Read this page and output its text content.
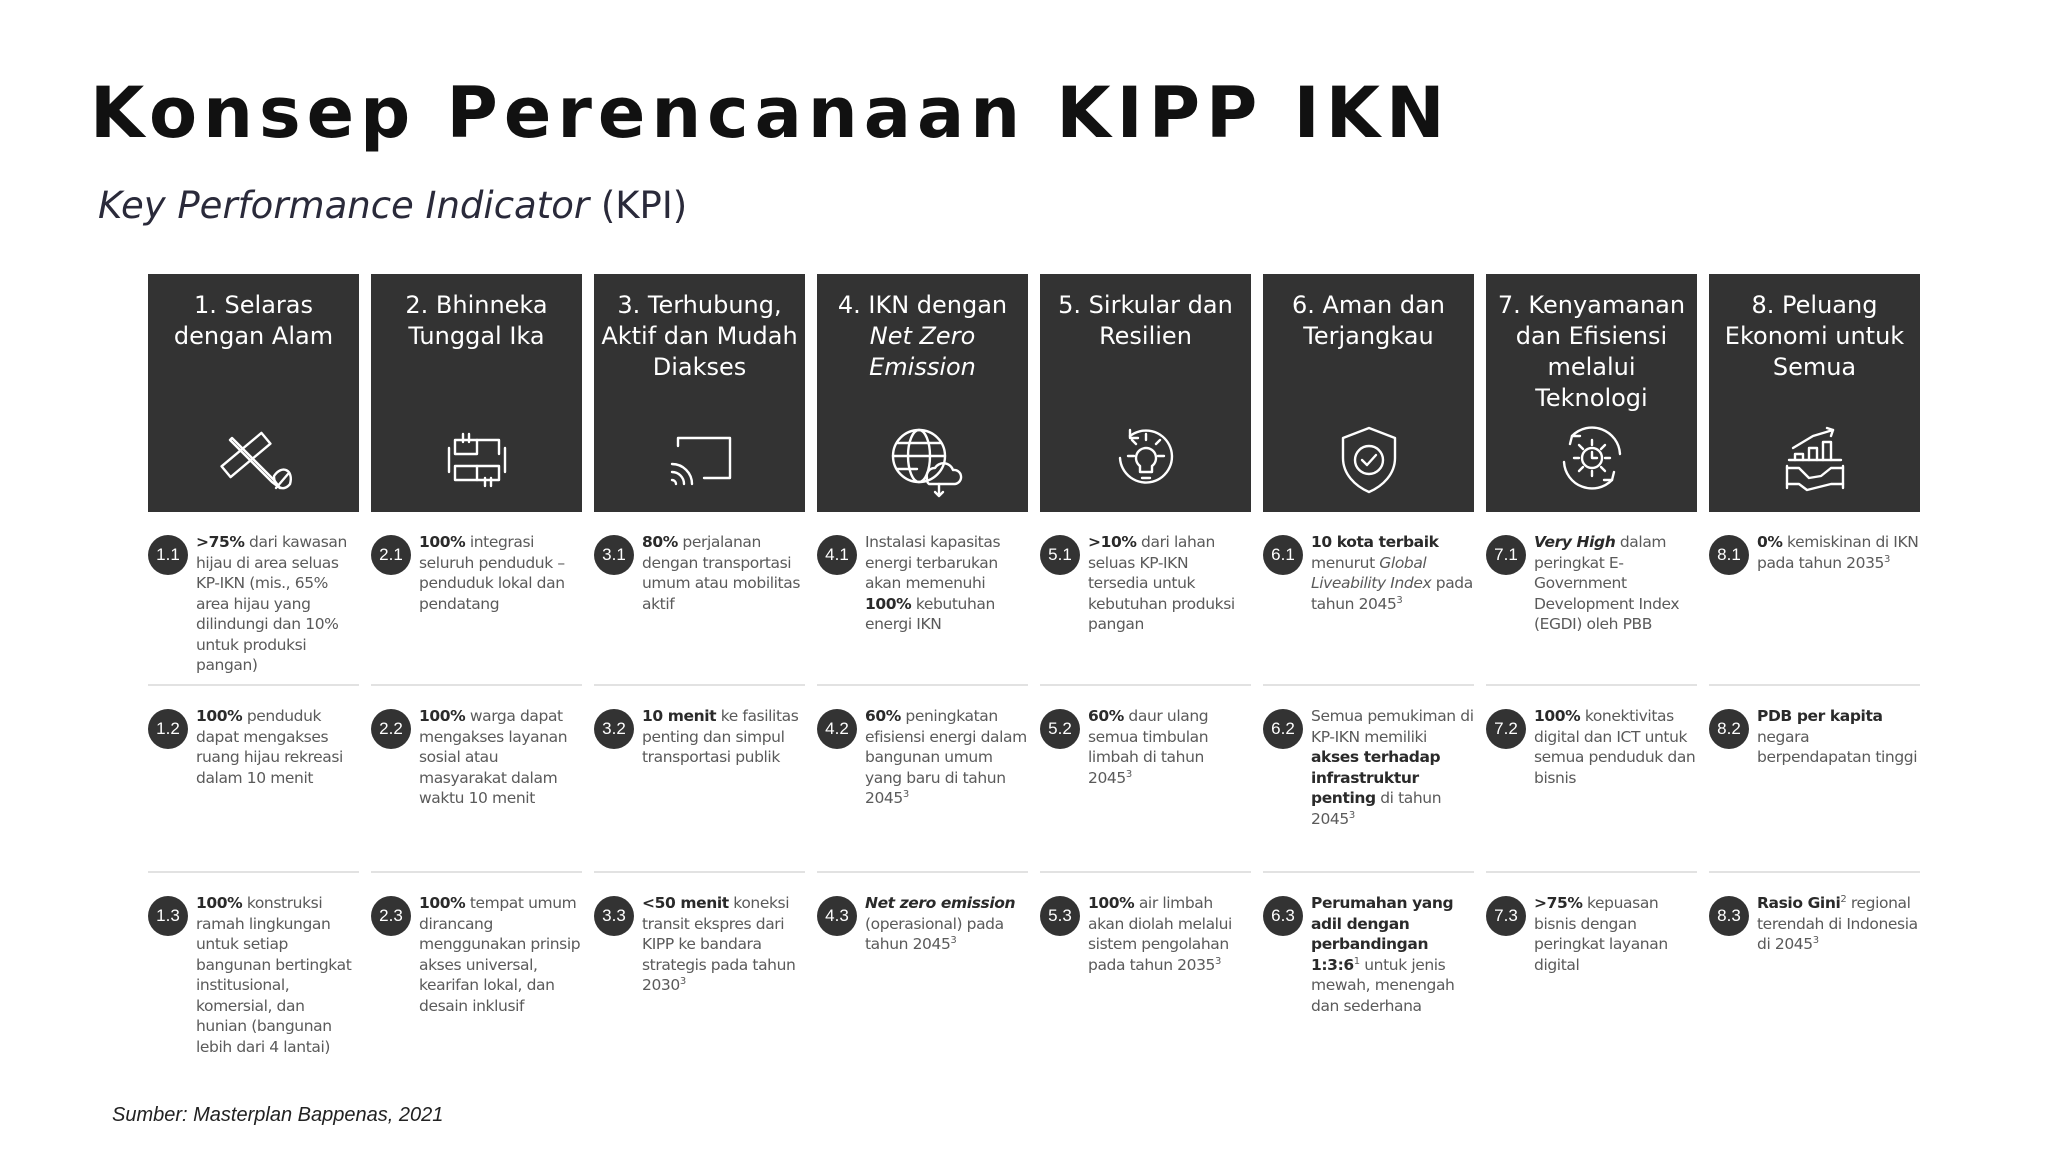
Konsep Perencanaan KIPP IKN

Key Performance Indicator (KPI)

1. Selaras dengan Alam
1.1
>75% dari kawasan hijau di area seluas KP-IKN (mis., 65% area hijau yang dilindungi dan 10% untuk produksi pangan)
1.2
100% penduduk dapat mengakses ruang hijau rekreasi dalam 10 menit
1.3
100% konstruksi ramah lingkungan untuk setiap bangunan bertingkat institusional, komersial, dan hunian (bangunan lebih dari 4 lantai)
2. Bhinneka Tunggal Ika
2.1
100% integrasi seluruh penduduk – penduduk lokal dan pendatang
2.2
100% warga dapat mengakses layanan sosial atau masyarakat dalam waktu 10 menit
2.3
100% tempat umum dirancang menggunakan prinsip akses universal, kearifan lokal, dan desain inklusif
3. Terhubung, Aktif dan Mudah Diakses
3.1
80% perjalanan dengan transportasi umum atau mobilitas aktif
3.2
10 menit ke fasilitas penting dan simpul transportasi publik
3.3
<50 menit koneksi transit ekspres dari KIPP ke bandara strategis pada tahun 2030$^3$
4. IKN dengan Net Zero Emission
4.1
Instalasi kapasitas energi terbarukan akan memenuhi 100% kebutuhan energi IKN
4.2
60% peningkatan efisiensi energi dalam bangunan umum yang baru di tahun 2045$^3$
4.3
Net zero emission (operasional) pada tahun 2045$^3$
5. Sirkular dan Resilien
5.1
>10% dari lahan seluas KP-IKN tersedia untuk kebutuhan produksi pangan
5.2
60% daur ulang semua timbulan limbah di tahun 2045$^3$
5.3
100% air limbah akan diolah melalui sistem pengolahan pada tahun 2035$^3$
6. Aman dan Terjangkau
6.1
10 kota terbaik menurut Global Liveability Index pada tahun 2045$^3$
6.2
Semua pemukiman di KP-IKN memiliki akses terhadap infrastruktur penting di tahun 2045$^3$
6.3
Perumahan yang adil dengan perbandingan $1:3:6^1$ untuk jenis mewah, menengah dan sederhana
7. Kenyamanan dan Efisiensi melalui Teknologi
7.1
Very High dalam peringkat E-Government Development Index (EGDI) oleh PBB
7.2
100% konektivitas digital dan ICT untuk semua penduduk dan bisnis
7.3
>75% kepuasan bisnis dengan peringkat layanan digital
8. Peluang Ekonomi untuk Semua
8.1
0% kemiskinan di IKN pada tahun 2035$^3$
8.2
PDB per kapita negara berpendapatan tinggi
8.3
Rasio Gini$^2$ regional terendah di Indonesia di 2045$^3$

Sumber: Masterplan Bappenas, 2021
